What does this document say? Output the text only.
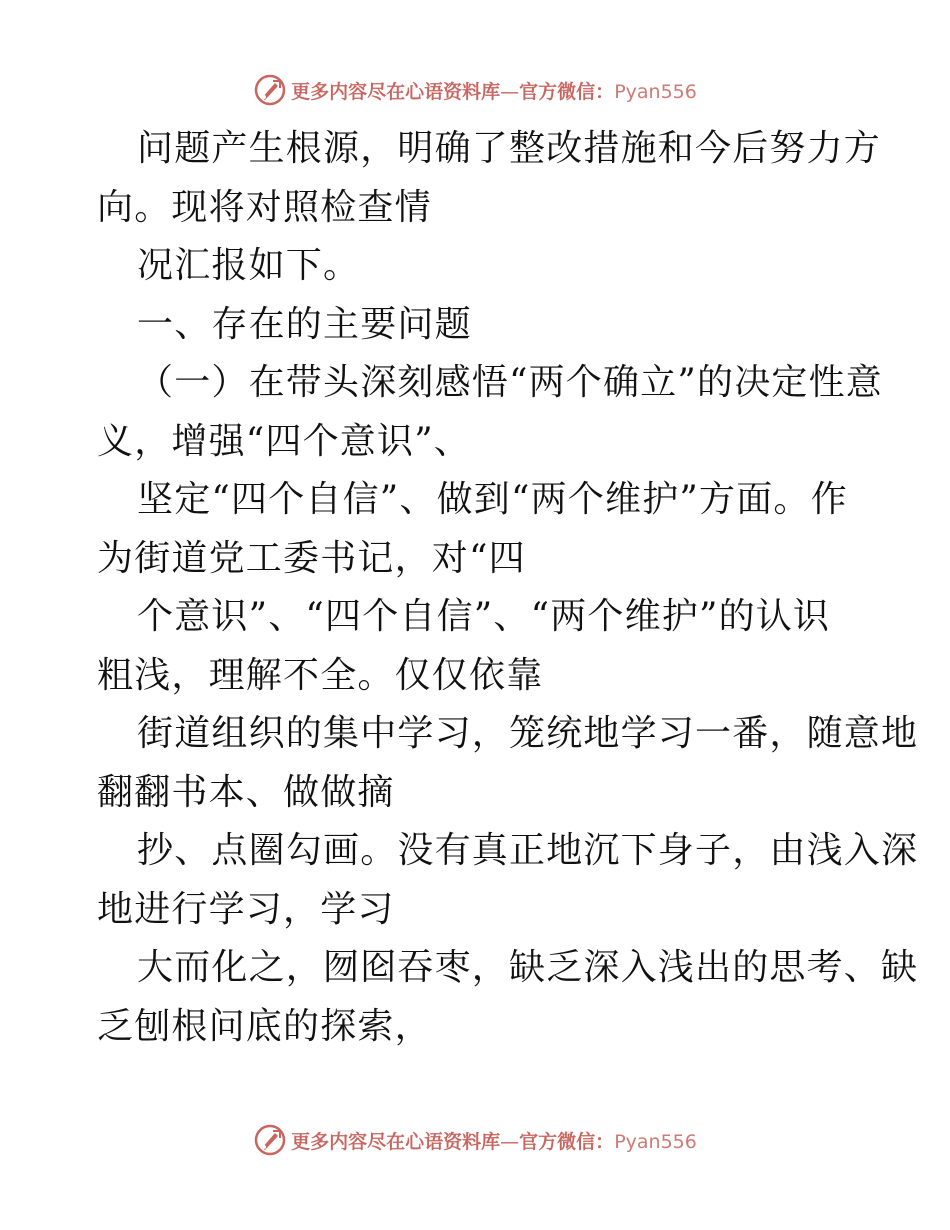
更多内容尽在心语资料库—官方微信：Pyan556
问题产生根源，明确了整改措施和今后努力方
向。现将对照检查情
况汇报如下。
一、存在的主要问题
（一）在带头深刻感悟“两个确立”的决定性意
义，增强“四个意识”、
坚定“四个自信”、做到“两个维护”方面。作
为街道党工委书记，对“四
个意识”、“四个自信”、“两个维护”的认识
粗浅，理解不全。仅仅依靠
街道组织的集中学习，笼统地学习一番，随意地
翻翻书本、做做摘
抄、点圈勾画。没有真正地沉下身子，由浅入深
地进行学习，学习
大而化之，囫囵吞枣，缺乏深入浅出的思考、缺
乏刨根问底的探索，
更多内容尽在心语资料库—官方微信：Pyan556
